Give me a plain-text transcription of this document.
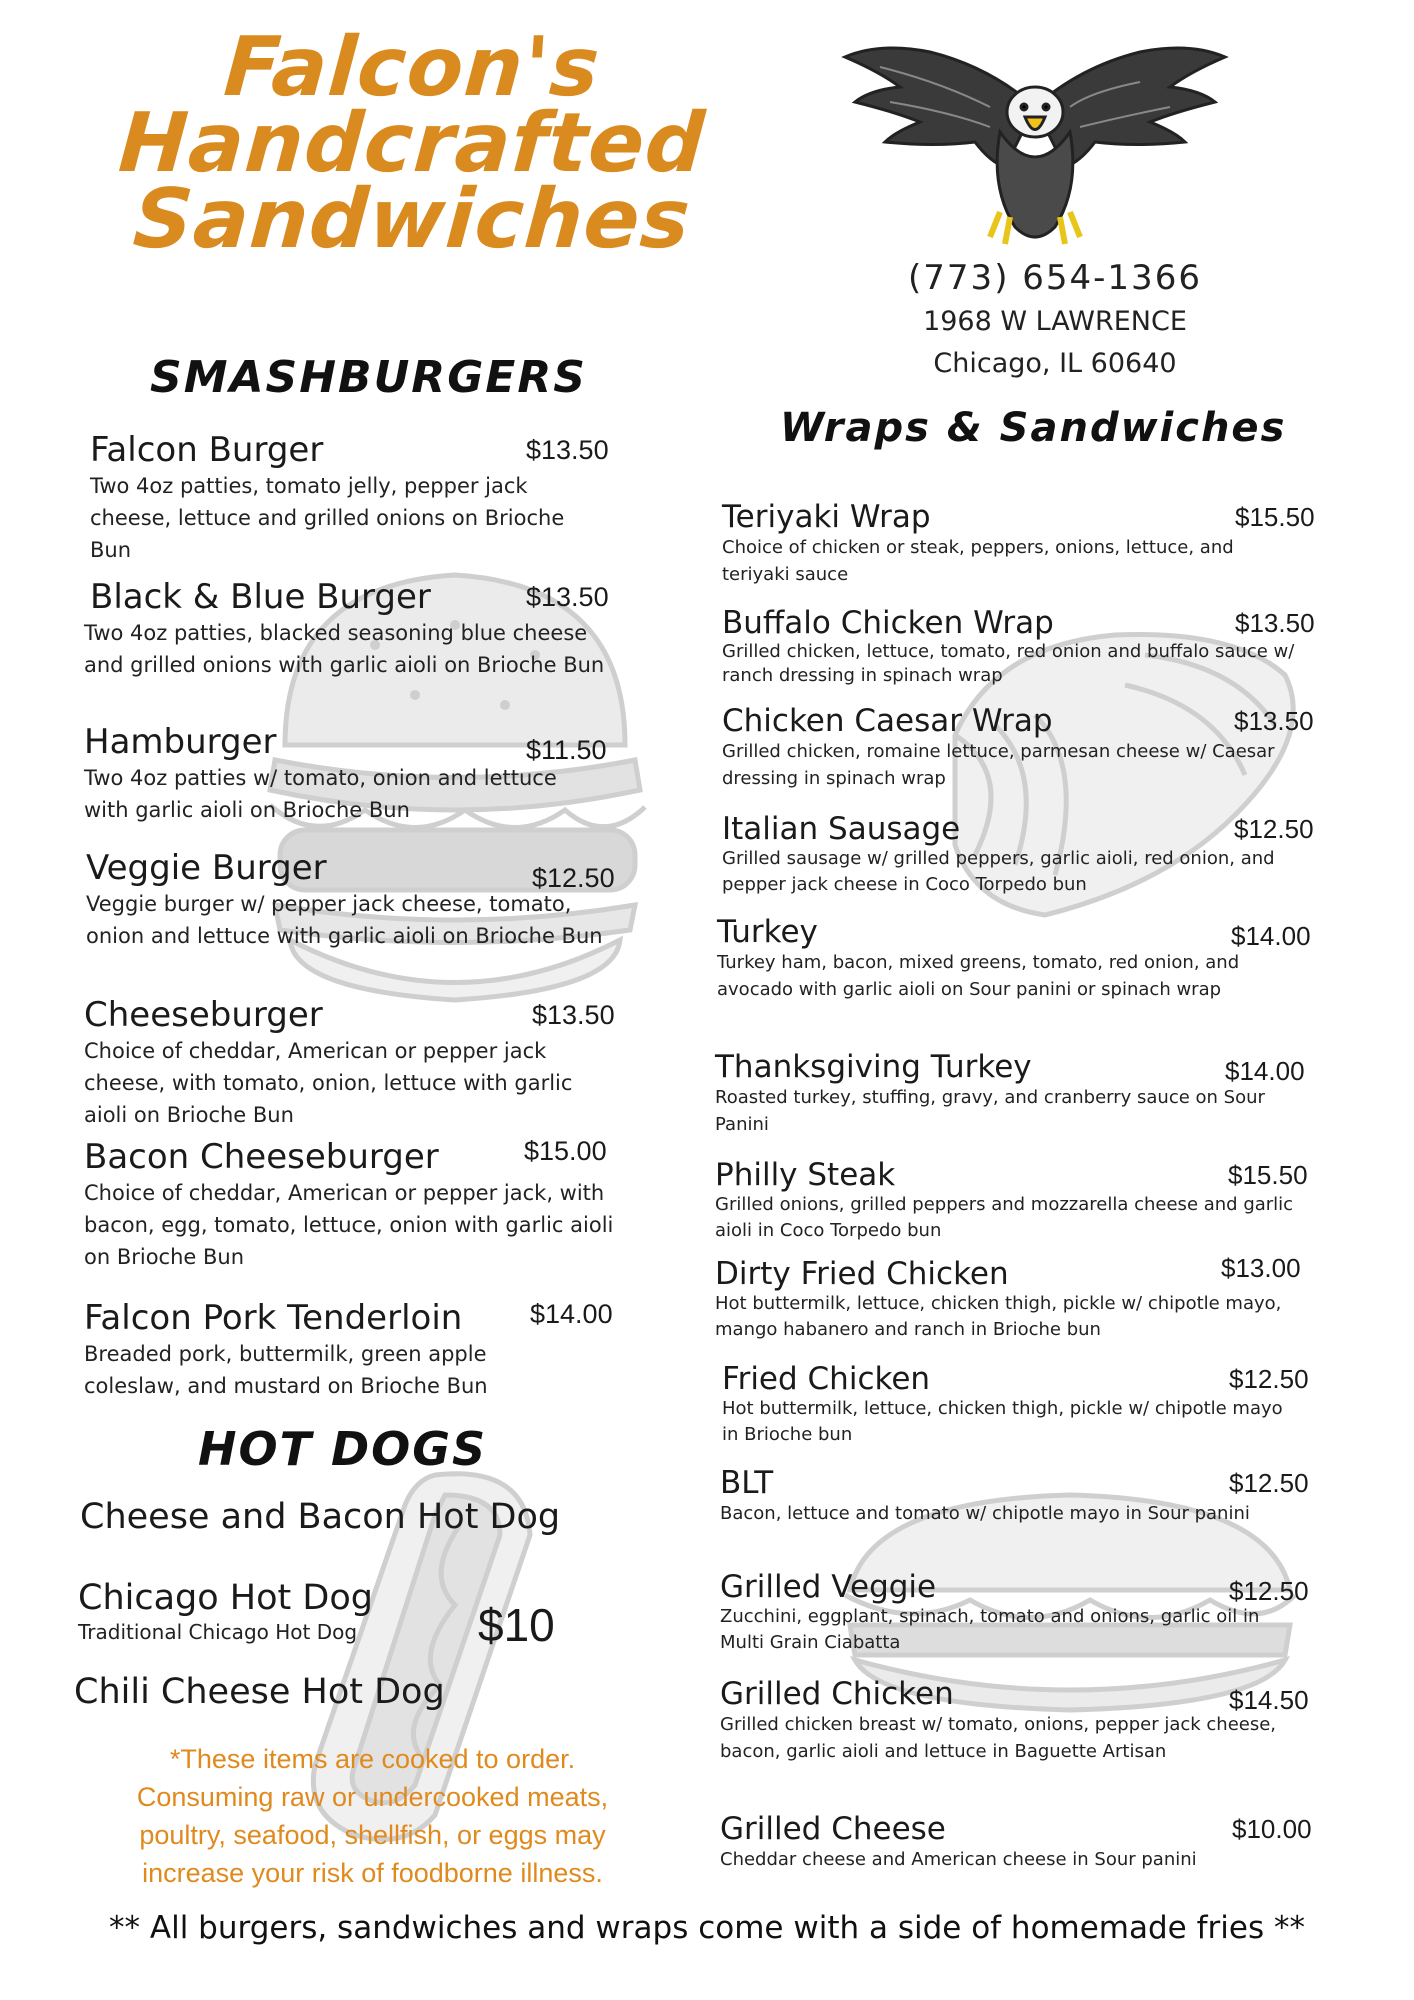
Falcon's
Handcrafted
Sandwiches
(773) 654-1366
1968 W LAWRENCE
Chicago, IL 60640
SMASHBURGERS
Wraps & Sandwiches
HOT DOGS
Falcon Burger	$13.50
Two 4oz patties, tomato jelly, pepper jack cheese, lettuce and grilled onions on Brioche Bun
Black & Blue Burger	$13.50
Two 4oz patties, blacked seasoning blue cheese and grilled onions with garlic aioli on Brioche Bun
Hamburger	$11.50
Two 4oz patties w/ tomato, onion and lettuce with garlic aioli on Brioche Bun
Veggie Burger	$12.50
Veggie burger w/ pepper jack cheese, tomato, onion and lettuce with garlic aioli on Brioche Bun
Cheeseburger	$13.50
Choice of cheddar, American or pepper jack cheese, with tomato, onion, lettuce with garlic aioli on Brioche Bun
Bacon Cheeseburger	$15.00
Choice of cheddar, American or pepper jack, with bacon, egg, tomato, lettuce, onion with garlic aioli on Brioche Bun
Falcon Pork Tenderloin	$14.00
Breaded pork, buttermilk, green apple coleslaw, and mustard on Brioche Bun
Cheese and Bacon Hot Dog
Chicago Hot Dog
Traditional Chicago Hot Dog	$10
Chili Cheese Hot Dog
*These items are cooked to order. Consuming raw or undercooked meats, poultry, seafood, shellfish, or eggs may increase your risk of foodborne illness.
Teriyaki Wrap	$15.50
Choice of chicken or steak, peppers, onions, lettuce, and teriyaki sauce
Buffalo Chicken Wrap	$13.50
Grilled chicken, lettuce, tomato, red onion and buffalo sauce w/ ranch dressing in spinach wrap
Chicken Caesar Wrap	$13.50
Grilled chicken, romaine lettuce, parmesan cheese w/ Caesar dressing in spinach wrap
Italian Sausage	$12.50
Grilled sausage w/ grilled peppers, garlic aioli, red onion, and pepper jack cheese in Coco Torpedo bun
Turkey	$14.00
Turkey ham, bacon, mixed greens, tomato, red onion, and avocado with garlic aioli on Sour panini or spinach wrap
Thanksgiving Turkey	$14.00
Roasted turkey, stuffing, gravy, and cranberry sauce on Sour Panini
Philly Steak	$15.50
Grilled onions, grilled peppers and mozzarella cheese and garlic aioli in Coco Torpedo bun
Dirty Fried Chicken	$13.00
Hot buttermilk, lettuce, chicken thigh, pickle w/ chipotle mayo, mango habanero and ranch in Brioche bun
Fried Chicken	$12.50
Hot buttermilk, lettuce, chicken thigh, pickle w/ chipotle mayo in Brioche bun
BLT	$12.50
Bacon, lettuce and tomato w/ chipotle mayo in Sour panini
Grilled Veggie	$12.50
Zucchini, eggplant, spinach, tomato and onions, garlic oil in Multi Grain Ciabatta
Grilled Chicken	$14.50
Grilled chicken breast w/ tomato, onions, pepper jack cheese, bacon, garlic aioli and lettuce in Baguette Artisan
Grilled Cheese	$10.00
Cheddar cheese and American cheese in Sour panini
** All burgers, sandwiches and wraps come with a side of homemade fries **
